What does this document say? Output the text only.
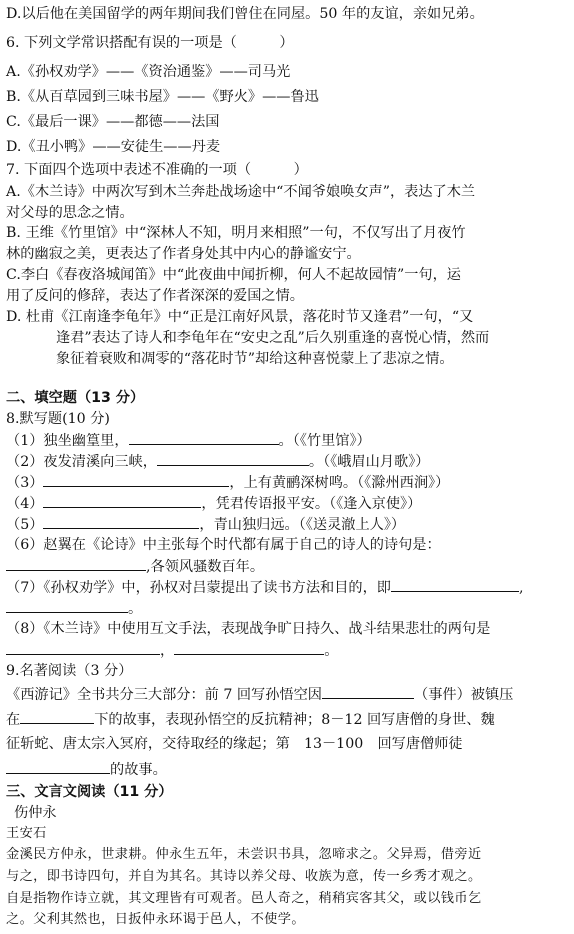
D.以后他在美国留学的两年期间我们曾住在同屋。50 年的友谊，亲如兄弟。
6. 下列文学常识搭配有误的一项是（　　　）
A.《孙权劝学》——《资治通鉴》——司马光
B.《从百草园到三味书屋》——《野火》——鲁迅
C.《最后一课》——都德——法国
D.《丑小鸭》——安徒生——丹麦
7. 下面四个选项中表述不准确的一项（　　　）
A.《木兰诗》中两次写到木兰奔赴战场途中“不闻爷娘唤女声”，表达了木兰
对父母的思念之情。
B. 王维《竹里馆》中“深林人不知，明月来相照”一句，不仅写出了月夜竹
林的幽寂之美，更表达了作者身处其中内心的静谧安宁。
C.李白《春夜洛城闻笛》中“此夜曲中闻折柳，何人不起故园情”一句，运
用了反问的修辞，表达了作者深深的爱国之情。
D. 杜甫《江南逢李龟年》中“正是江南好风景，落花时节又逢君”一句，“又
逢君”表达了诗人和李龟年在“安史之乱”后久别重逢的喜悦心情，然而
象征着衰败和凋零的“落花时节”却给这种喜悦蒙上了悲凉之情。
二、填空题（13 分）
8.默写题(10 分)
（1）独坐幽篁里，	。（《竹里馆》）
（2）夜发清溪向三峡，	。（《峨眉山月歌》）
（3）	，上有黄鹂深树鸣。（《滁州西涧》）
（4）	，凭君传语报平安。（《逢入京使》）
（5）	，青山独归远。（《送灵澈上人》）
（6）赵翼在《论诗》中主张每个时代都有属于自己的诗人的诗句是：
,各领风骚数百年。
（7）《孙权劝学》中，孙权对吕蒙提出了读书方法和目的，即	,
。
（8）《木兰诗》中使用互文手法，表现战争旷日持久、战斗结果悲壮的两句是
，	。
9.名著阅读（3 分）
《西游记》全书共分三大部分：前 7 回写孙悟空因	（事件）被镇压
在	下的故事，表现孙悟空的反抗精神；8－12 回写唐僧的身世、魏
征斩蛇、唐太宗入冥府，交待取经的缘起；第　13－100　回写唐僧师徒
的故事。
三、文言文阅读（11 分）
伤仲永
王安石
金溪民方仲永，世隶耕。仲永生五年，未尝识书具，忽啼求之。父异焉，借旁近
与之，即书诗四句，并自为其名。其诗以养父母、收族为意，传一乡秀才观之。
自是指物作诗立就，其文理皆有可观者。邑人奇之，稍稍宾客其父，或以钱币乞
之。父利其然也，日扳仲永环谒于邑人，不使学。
